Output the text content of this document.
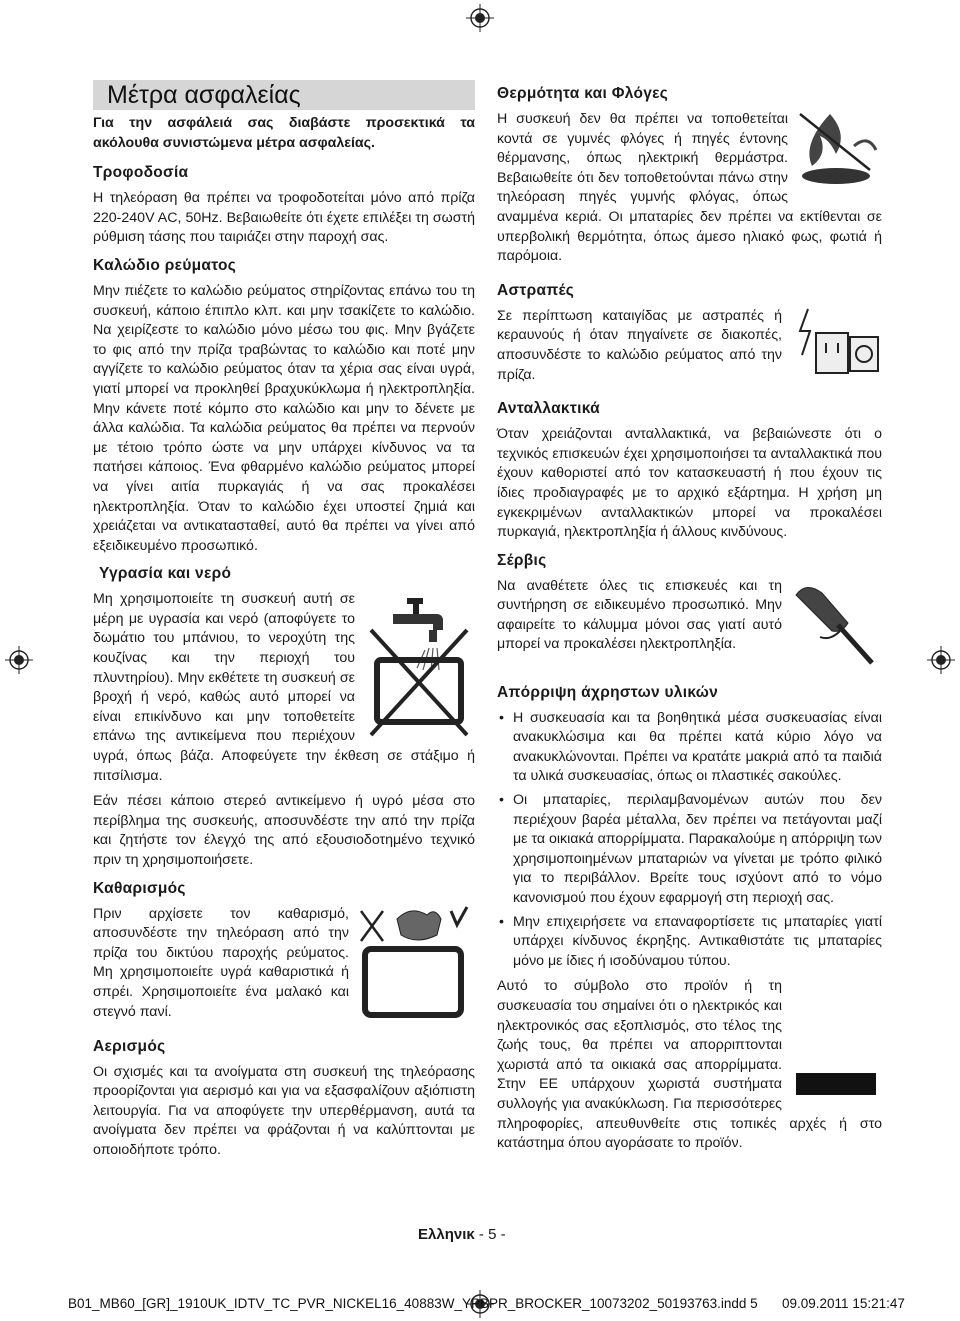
Μέτρα ασφαλείας

Για την ασφάλειά σας διαβάστε προσεκτικά τα ακόλουθα συνιστώμενα μέτρα ασφαλείας.

Τροφοδοσία

Η τηλεόραση θα πρέπει να τροφοδοτείται μόνο από πρίζα 220-240V AC, 50Hz. Βεβαιωθείτε ότι έχετε επιλέξει τη σωστή ρύθμιση τάσης που ταιριάζει στην παροχή σας.

Καλώδιο ρεύματος

Μην πιέζετε το καλώδιο ρεύματος στηρίζοντας επάνω του τη συσκευή, κάποιο έπιπλο κλπ. και μην τσακίζετε το καλώδιο. Να χειρίζεστε το καλώδιο μόνο μέσω του φις. Μην βγάζετε το φις από την πρίζα τραβώντας το καλώδιο και ποτέ μην αγγίζετε το καλώδιο ρεύματος όταν τα χέρια σας είναι υγρά, γιατί μπορεί να προκληθεί βραχυκύκλωμα ή ηλεκτροπληξία. Μην κάνετε ποτέ κόμπο στο καλώδιο και μην το δένετε με άλλα καλώδια. Τα καλώδια ρεύματος θα πρέπει να περνούν με τέτοιο τρόπο ώστε να μην υπάρχει κίνδυνος να τα πατήσει κάποιος. Ένα φθαρμένο καλώδιο ρεύματος μπορεί να γίνει αιτία πυρκαγιάς ή να σας προκαλέσει ηλεκτροπληξία. Όταν το καλώδιο έχει υποστεί ζημιά και χρειάζεται να αντικατασταθεί, αυτό θα πρέπει να γίνει από εξειδικευμένο προσωπικό.

Υγρασία και νερό

Μη χρησιμοποιείτε τη συσκευή αυτή σε μέρη με υγρασία και νερό (αποφύγετε το δωμάτιο του μπάνιου, το νεροχύτη της κουζίνας και την περιοχή του πλυντηρίου). Μην εκθέτετε τη συσκευή σε βροχή ή νερό, καθώς αυτό μπορεί να είναι επικίνδυνο και μην τοποθετείτε επάνω της αντικείμενα που περιέχουν υγρά, όπως βάζα. Αποφεύγετε την έκθεση σε στάξιμο ή πιτσίλισμα.

Εάν πέσει κάποιο στερεό αντικείμενο ή υγρό μέσα στο περίβλημα της συσκευής, αποσυνδέστε την από την πρίζα και ζητήστε τον έλεγχό της από εξουσιοδοτημένο τεχνικό πριν τη χρησιμοποιήσετε.

Καθαρισμός

Πριν αρχίσετε τον καθαρισμό, αποσυνδέστε την τηλεόραση από την πρίζα του δικτύου παροχής ρεύματος. Μη χρησιμοποιείτε υγρά καθαριστικά ή σπρέι. Χρησιμοποιείτε ένα μαλακό και στεγνό πανί.

Αερισμός

Οι σχισμές και τα ανοίγματα στη συσκευή της τηλεόρασης προορίζονται για αερισμό και για να εξασφαλίζουν αξιόπιστη λειτουργία. Για να αποφύγετε την υπερθέρμανση, αυτά τα ανοίγματα δεν πρέπει να φράζονται ή να καλύπτονται με οποιοδήποτε τρόπο.

Θερμότητα και Φλόγες

Η συσκευή δεν θα πρέπει να τοποθετείται κοντά σε γυμνές φλόγες ή πηγές έντονης θέρμανσης, όπως ηλεκτρική θερμάστρα. Βεβαιωθείτε ότι δεν τοποθετούνται πάνω στην τηλεόραση πηγές γυμνής φλόγας, όπως αναμμένα κεριά. Οι μπαταρίες δεν πρέπει να εκτίθενται σε υπερβολική θερμότητα, όπως άμεσο ηλιακό φως, φωτιά ή παρόμοια.

Αστραπές

Σε περίπτωση καταιγίδας με αστραπές ή κεραυνούς ή όταν πηγαίνετε σε διακοπές, αποσυνδέστε το καλώδιο ρεύματος από την πρίζα.

Ανταλλακτικά

Όταν χρειάζονται ανταλλακτικά, να βεβαιώνεστε ότι ο τεχνικός επισκευών έχει χρησιμοποιήσει τα ανταλλακτικά που έχουν καθοριστεί από τον κατασκευαστή ή που έχουν τις ίδιες προδιαγραφές με το αρχικό εξάρτημα. Η χρήση μη εγκεκριμένων ανταλλακτικών μπορεί να προκαλέσει πυρκαγιά, ηλεκτροπληξία ή άλλους κινδύνους.

Σέρβις

Να αναθέτετε όλες τις επισκευές και τη συντήρηση σε ειδικευμένο προσωπικό. Μην αφαιρείτε το κάλυμμα μόνοι σας γιατί αυτό μπορεί να προκαλέσει ηλεκτροπληξία.

Απόρριψη άχρηστων υλικών
• Η συσκευασία και τα βοηθητικά μέσα συσκευασίας είναι ανακυκλώσιμα και θα πρέπει κατά κύριο λόγο να ανακυκλώνονται. Πρέπει να κρατάτε μακριά από τα παιδιά τα υλικά συσκευασίας, όπως οι πλαστικές σακούλες.
• Οι μπαταρίες, περιλαμβανομένων αυτών που δεν περιέχουν βαρέα μέταλλα, δεν πρέπει να πετάγονται μαζί με τα οικιακά απορρίμματα. Παρακαλούμε η απόρριψη των χρησιμοποιημένων μπαταριών να γίνεται με τρόπο φιλικό για το περιβάλλον. Βρείτε τους ισχύοντ από το νόμο κανονισμού που έχουν εφαρμογή στη περιοχή σας.
• Μην επιχειρήσετε να επαναφορτίσετε τις μπαταρίες γιατί υπάρχει κίνδυνος έκρηξης. Αντικαθιστάτε τις μπαταρίες μόνο με ίδιες ή ισοδύναμου τύπου.

Αυτό το σύμβολο στο προϊόν ή τη συσκευασία του σημαίνει ότι ο ηλεκτρικός και ηλεκτρονικός σας εξοπλισμός, στο τέλος της ζωής τους, θα πρέπει να απορριπτονται χωριστά από τα οικιακά σας απορρίμματα. Στην ΕΕ υπάρχουν χωριστά συστήματα συλλογής για ανακύκλωση. Για περισσότερες πληροφορίες, απευθυνθείτε στις τοπικές αρχές ή στο κατάστημα όπου αγοράσατε το προϊόν.

Ελληνικ - 5 -
B01_MB60_[GR]_1910UK_IDTV_TC_PVR_NICKEL16_40883W_YPBPR_BROCKER_10073202_50193763.indd 5 09.09.2011 15:21:47
